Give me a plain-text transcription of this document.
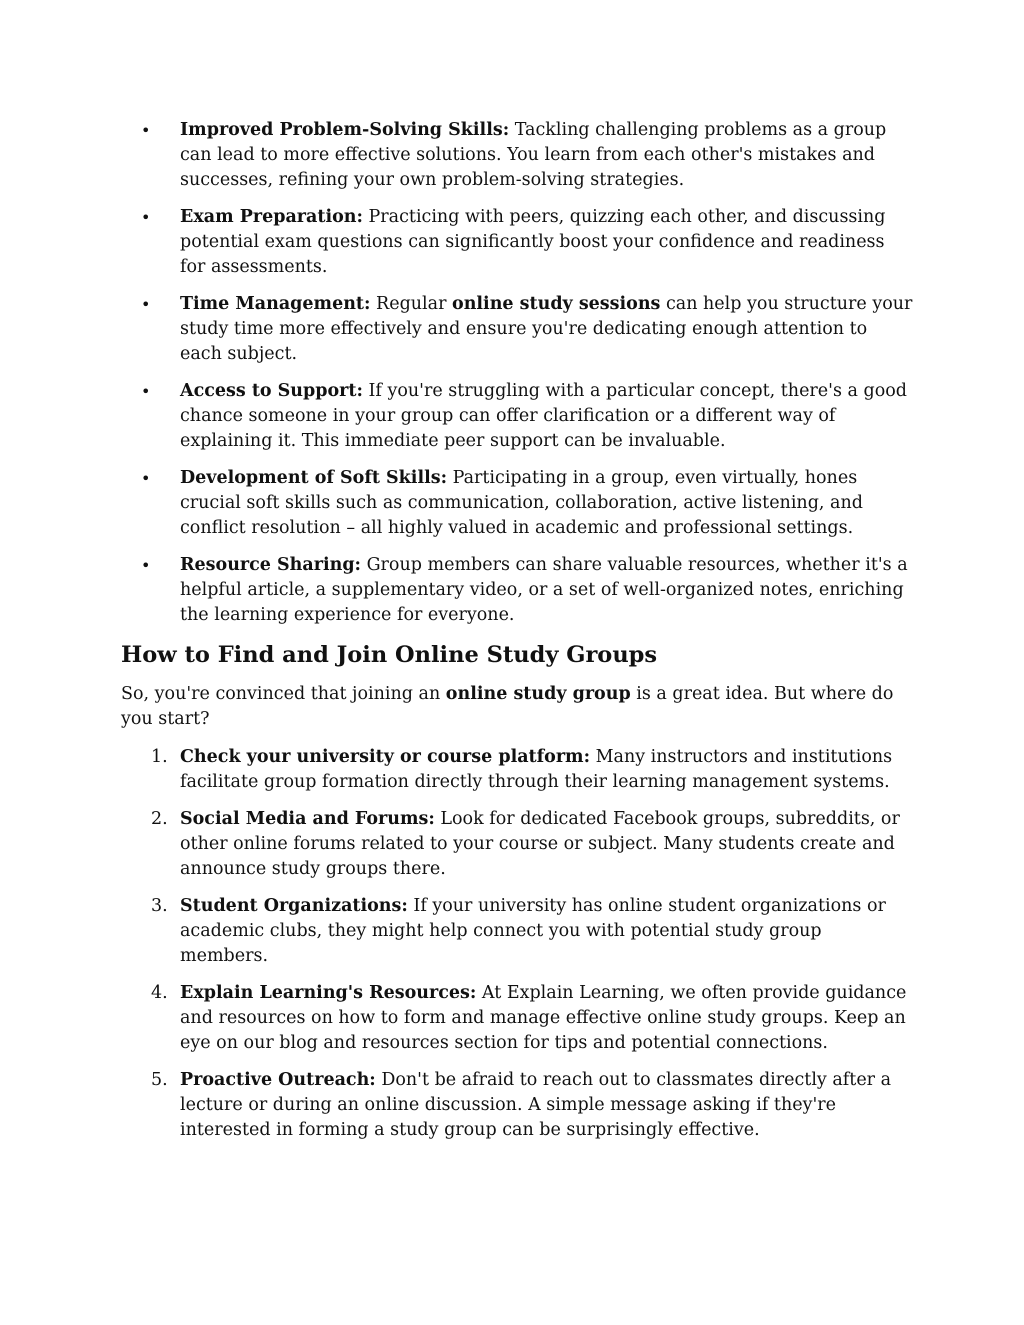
• Improved Problem-Solving Skills: Tackling challenging problems as a group can lead to more effective solutions. You learn from each other's mistakes and successes, refining your own problem-solving strategies.
• Exam Preparation: Practicing with peers, quizzing each other, and discussing potential exam questions can significantly boost your confidence and readiness for assessments.
• Time Management: Regular online study sessions can help you structure your study time more effectively and ensure you're dedicating enough attention to each subject.
• Access to Support: If you're struggling with a particular concept, there's a good chance someone in your group can offer clarification or a different way of explaining it. This immediate peer support can be invaluable.
• Development of Soft Skills: Participating in a group, even virtually, hones crucial soft skills such as communication, collaboration, active listening, and conflict resolution – all highly valued in academic and professional settings.
• Resource Sharing: Group members can share valuable resources, whether it's a helpful article, a supplementary video, or a set of well-organized notes, enriching the learning experience for everyone.
How to Find and Join Online Study Groups

So, you're convinced that joining an online study group is a great idea. But where do you start?

1. Check your university or course platform: Many instructors and institutions facilitate group formation directly through their learning management systems.
2. Social Media and Forums: Look for dedicated Facebook groups, subreddits, or other online forums related to your course or subject. Many students create and announce study groups there.
3. Student Organizations: If your university has online student organizations or academic clubs, they might help connect you with potential study group members.
4. Explain Learning's Resources: At Explain Learning, we often provide guidance and resources on how to form and manage effective online study groups. Keep an eye on our blog and resources section for tips and potential connections.
5. Proactive Outreach: Don't be afraid to reach out to classmates directly after a lecture or during an online discussion. A simple message asking if they're interested in forming a study group can be surprisingly effective.
